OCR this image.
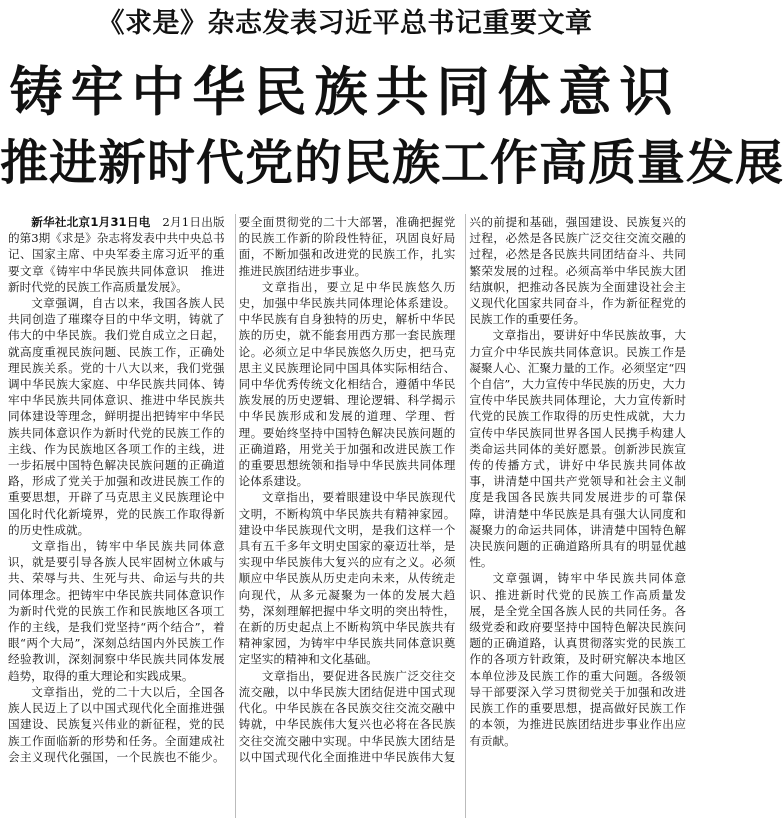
《求是》杂志发表习近平总书记重要文章
铸牢中华民族共同体意识
推进新时代党的民族工作高质量发展

新华社北京1月31日电　 2月1日出版的第3期《求是》杂志将发表中共中央总书记、国家主席、中央军委主席习近平的重要文章《铸牢中华民族共同体意识　推进新时代党的民族工作高质量发展》。

文章强调，自古以来，我国各族人民共同创造了璀璨夺目的中华文明，铸就了伟大的中华民族。我们党自成立之日起，就高度重视民族问题、民族工作，正确处理民族关系。党的十八大以来，我们党强调中华民族大家庭、中华民族共同体、铸牢中华民族共同体意识、推进中华民族共同体建设等理念，鲜明提出把铸牢中华民族共同体意识作为新时代党的民族工作的主线、作为民族地区各项工作的主线，进一步拓展中国特色解决民族问题的正确道路，形成了党关于加强和改进民族工作的重要思想，开辟了马克思主义民族理论中国化时代化新境界，党的民族工作取得新的历史性成就。

文章指出，铸牢中华民族共同体意识，就是要引导各族人民牢固树立休戚与共、荣辱与共、生死与共、命运与共的共同体理念。把铸牢中华民族共同体意识作为新时代党的民族工作和民族地区各项工作的主线，是我们党坚持“两个结合”，着眼“两个大局”，深刻总结国内外民族工作经验教训，深刻洞察中华民族共同体发展趋势，取得的重大理论和实践成果。

文章指出，党的二十大以后，全国各族人民迈上了以中国式现代化全面推进强国建设、民族复兴伟业的新征程，党的民族工作面临新的形势和任务。全面建成社会主义现代化强国，一个民族也不能少。要全面贯彻党的二十大部署，准确把握党的民族工作新的阶段性特征，巩固良好局面，不断加强和改进党的民族工作，扎实推进民族团结进步事业。

文章指出，要立足中华民族悠久历史，加强中华民族共同体理论体系建设。中华民族有自身独特的历史，解析中华民族的历史，就不能套用西方那一套民族理论。必须立足中华民族悠久历史，把马克思主义民族理论同中国具体实际相结合、同中华优秀传统文化相结合，遵循中华民族发展的历史逻辑、理论逻辑、科学揭示中华民族形成和发展的道理、学理、哲理。要始终坚持中国特色解决民族问题的正确道路，用党关于加强和改进民族工作的重要思想统领和指导中华民族共同体理论体系建设。

文章指出，要着眼建设中华民族现代文明，不断构筑中华民族共有精神家园。建设中华民族现代文明，是我们这样一个具有五千多年文明史国家的豪迈壮举，是实现中华民族伟大复兴的应有之义。必须顺应中华民族从历史走向未来，从传统走向现代，从多元凝聚为一体的发展大趋势，深刻理解把握中华文明的突出特性，在新的历史起点上不断构筑中华民族共有精神家园，为铸牢中华民族共同体意识奠定坚实的精神和文化基础。

文章指出，要促进各民族广泛交往交流交融，以中华民族大团结促进中国式现代化。中华民族在各民族交往交流交融中铸就，中华民族伟大复兴也必将在各民族交往交流交融中实现。中华民族大团结是以中国式现代化全面推进中华民族伟大复兴的前提和基础，强国建设、民族复兴的过程，必然是各民族广泛交往交流交融的过程，必然是各民族共同团结奋斗、共同繁荣发展的过程。必须高举中华民族大团结旗帜，把推动各民族为全面建设社会主义现代化国家共同奋斗，作为新征程党的民族工作的重要任务。

文章指出，要讲好中华民族故事，大力宣介中华民族共同体意识。民族工作是凝聚人心、汇聚力量的工作。必须坚定“四个自信”，大力宣传中华民族的历史，大力宣传中华民族共同体理论，大力宣传新时代党的民族工作取得的历史性成就，大力宣传中华民族同世界各国人民携手构建人类命运共同体的美好愿景。创新涉民族宣传的传播方式，讲好中华民族共同体故事，讲清楚中国共产党领导和社会主义制度是我国各民族共同发展进步的可靠保障，讲清楚中华民族是具有强大认同度和凝聚力的命运共同体，讲清楚中国特色解决民族问题的正确道路所具有的明显优越性。

文章强调，铸牢中华民族共同体意识、推进新时代党的民族工作高质量发展，是全党全国各族人民的共同任务。各级党委和政府要坚持中国特色解决民族问题的正确道路，认真贯彻落实党的民族工作的各项方针政策，及时研究解决本地区本单位涉及民族工作的重大问题。各级领导干部要深入学习贯彻党关于加强和改进民族工作的重要思想，提高做好民族工作的本领，为推进民族团结进步事业作出应有贡献。
